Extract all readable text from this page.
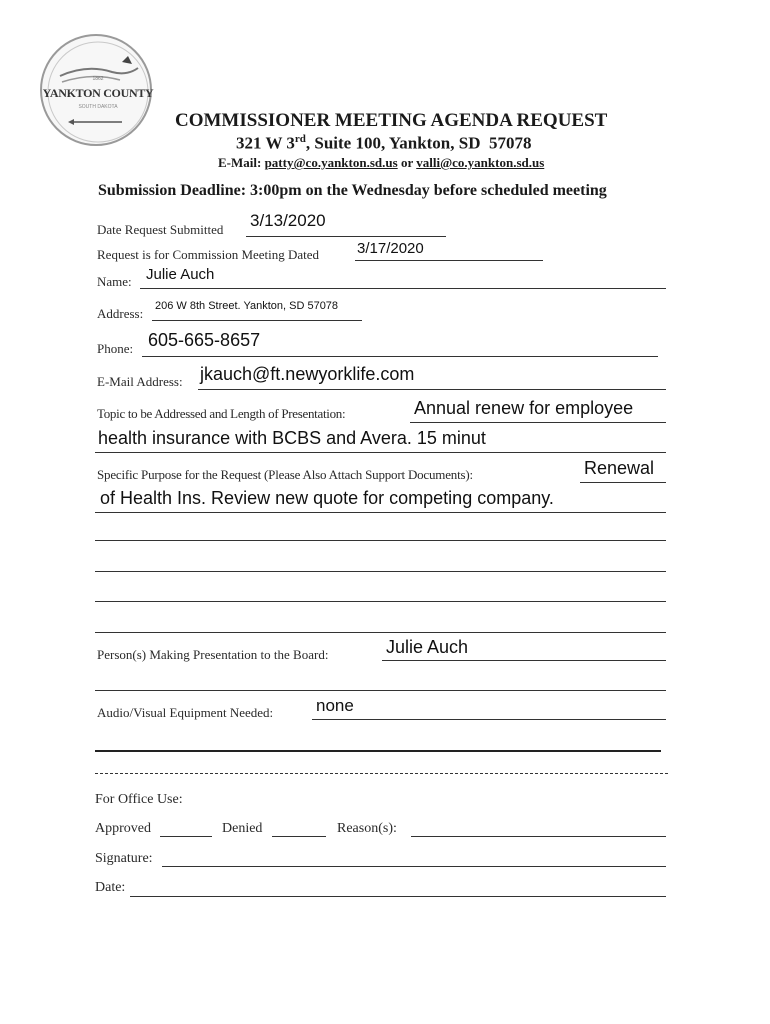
1862
YANKTON COUNTY
SOUTH DAKOTA
COMMISSIONER MEETING AGENDA REQUEST
321 W 3rd, Suite 100, Yankton, SD  57078
E-Mail: patty@co.yankton.sd.us or valli@co.yankton.sd.us
Submission Deadline: 3:00pm on the Wednesday before scheduled meeting
Date Request Submitted 3/13/2020
Request is for Commission Meeting Dated	3/17/2020
Name: Julie Auch
Address: 206 W 8th Street. Yankton, SD 57078
Phone: 605-665-8657
E-Mail Address: jkauch@ft.newyorklife.com
Topic to be Addressed and Length of Presentation:	Annual renew for employee
health insurance with BCBS and Avera. 15 minut
Specific Purpose for the Request (Please Also Attach Support Documents):	Renewal
of Health Ins. Review new quote for competing company.
Person(s) Making Presentation to the Board:	Julie Auch
Audio/Visual Equipment Needed:	none
For Office Use:
Approved	Denied	Reason(s):
Signature:
Date:
